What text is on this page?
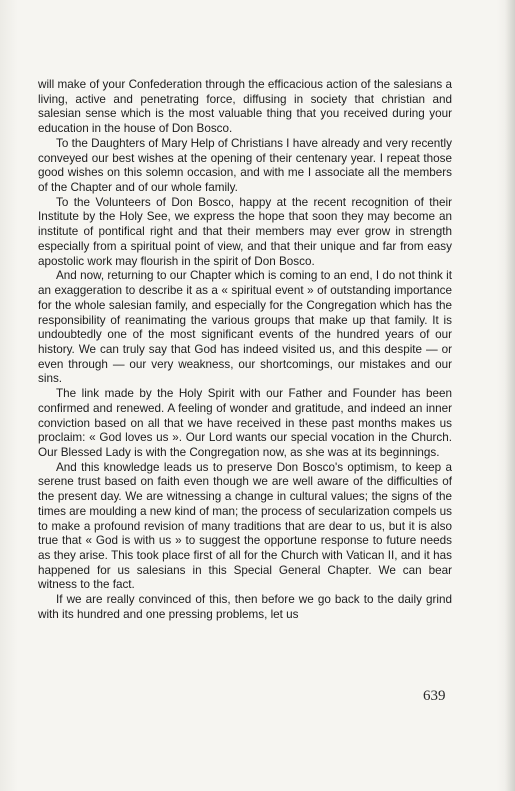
will make of your Confederation through the efficacious action of the salesians a living, active and penetrating force, diffusing in society that christian and salesian sense which is the most valuable thing that you received during your education in the house of Don Bosco.

To the Daughters of Mary Help of Christians I have already and very recently conveyed our best wishes at the opening of their centenary year. I repeat those good wishes on this solemn occasion, and with me I associate all the members of the Chapter and of our whole family.

To the Volunteers of Don Bosco, happy at the recent recognition of their Institute by the Holy See, we express the hope that soon they may become an institute of pontifical right and that their members may ever grow in strength especially from a spiritual point of view, and that their unique and far from easy apostolic work may flourish in the spirit of Don Bosco.

And now, returning to our Chapter which is coming to an end, I do not think it an exaggeration to describe it as a « spiritual event » of outstanding importance for the whole salesian family, and especially for the Congregation which has the responsibility of reanimating the various groups that make up that family. It is undoubtedly one of the most significant events of the hundred years of our history. We can truly say that God has indeed visited us, and this despite — or even through — our very weakness, our shortcomings, our mistakes and our sins.

The link made by the Holy Spirit with our Father and Founder has been confirmed and renewed. A feeling of wonder and gratitude, and indeed an inner conviction based on all that we have received in these past months makes us proclaim: « God loves us ». Our Lord wants our special vocation in the Church. Our Blessed Lady is with the Congregation now, as she was at its beginnings.

And this knowledge leads us to preserve Don Bosco's optimism, to keep a serene trust based on faith even though we are well aware of the difficulties of the present day. We are witnessing a change in cultural values; the signs of the times are moulding a new kind of man; the process of secularization compels us to make a profound revision of many traditions that are dear to us, but it is also true that « God is with us » to suggest the opportune response to future needs as they arise. This took place first of all for the Church with Vatican II, and it has happened for us salesians in this Special General Chapter. We can bear witness to the fact.

If we are really convinced of this, then before we go back to the daily grind with its hundred and one pressing problems, let us

639
